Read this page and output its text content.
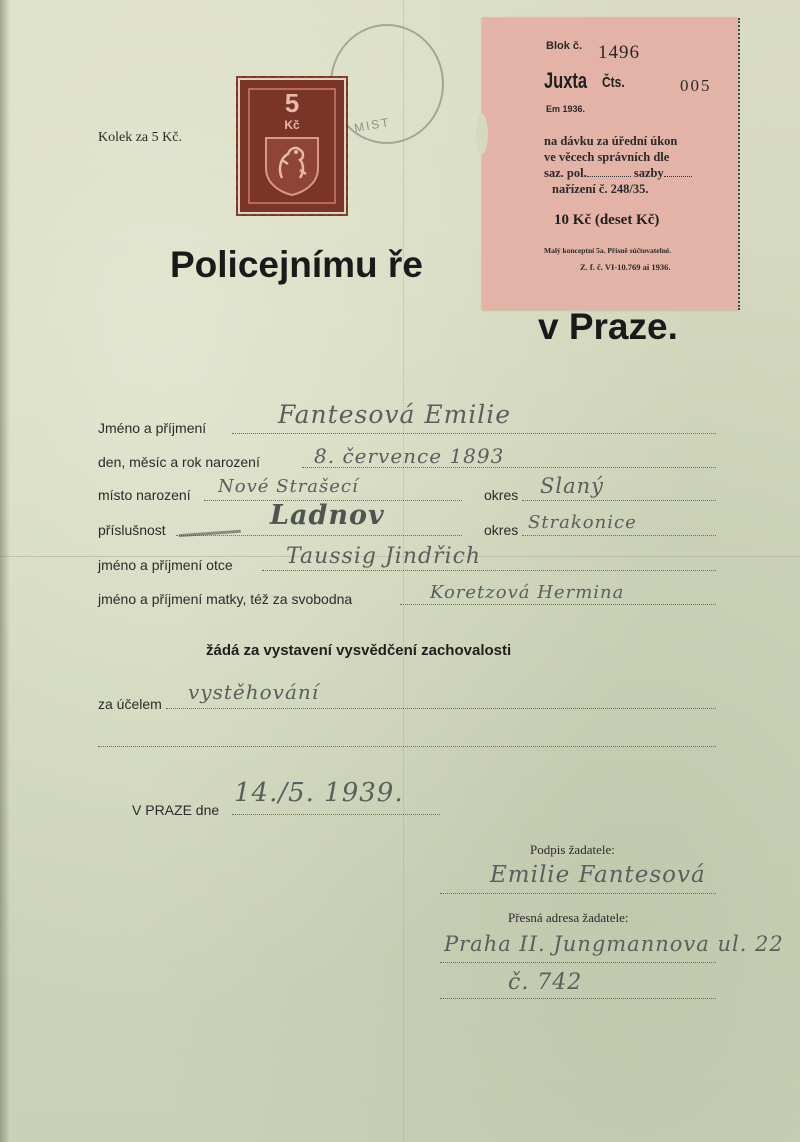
Kolek za 5 Kč.
MIST
5
Kč
Blok č. 1496
Juxta Čts.	005
Em 1936.
na dávku za úřední úkon
ve věcech správních dle
saz. pol.	sazby
nařízení č. 248/35.
10 Kč (deset Kč)
Malý konceptní 5a. Přísně súčtovatelné.
Z. f. č. VI-10.769 ai 1936.
Policejnímu ře
v Praze.
Jméno a příjmení	Fantesová Emilie
den, měsíc a rok narození	8. července 1893
místo narození Nové Strašecí	okres Slaný
příslušnost	Ladnov	okres Strakonice
jméno a příjmení otce Taussig Jindřich
jméno a příjmení matky, též za svobodna	Koretzová Hermina
žádá za vystavení vysvědčení zachovalosti
za účelem vystěhování
V PRAZE dne
14./5. 1939.
Podpis žadatele:
Emilie Fantesová
Přesná adresa žadatele:
Praha II. Jungmannova ul. 22
č. 742
